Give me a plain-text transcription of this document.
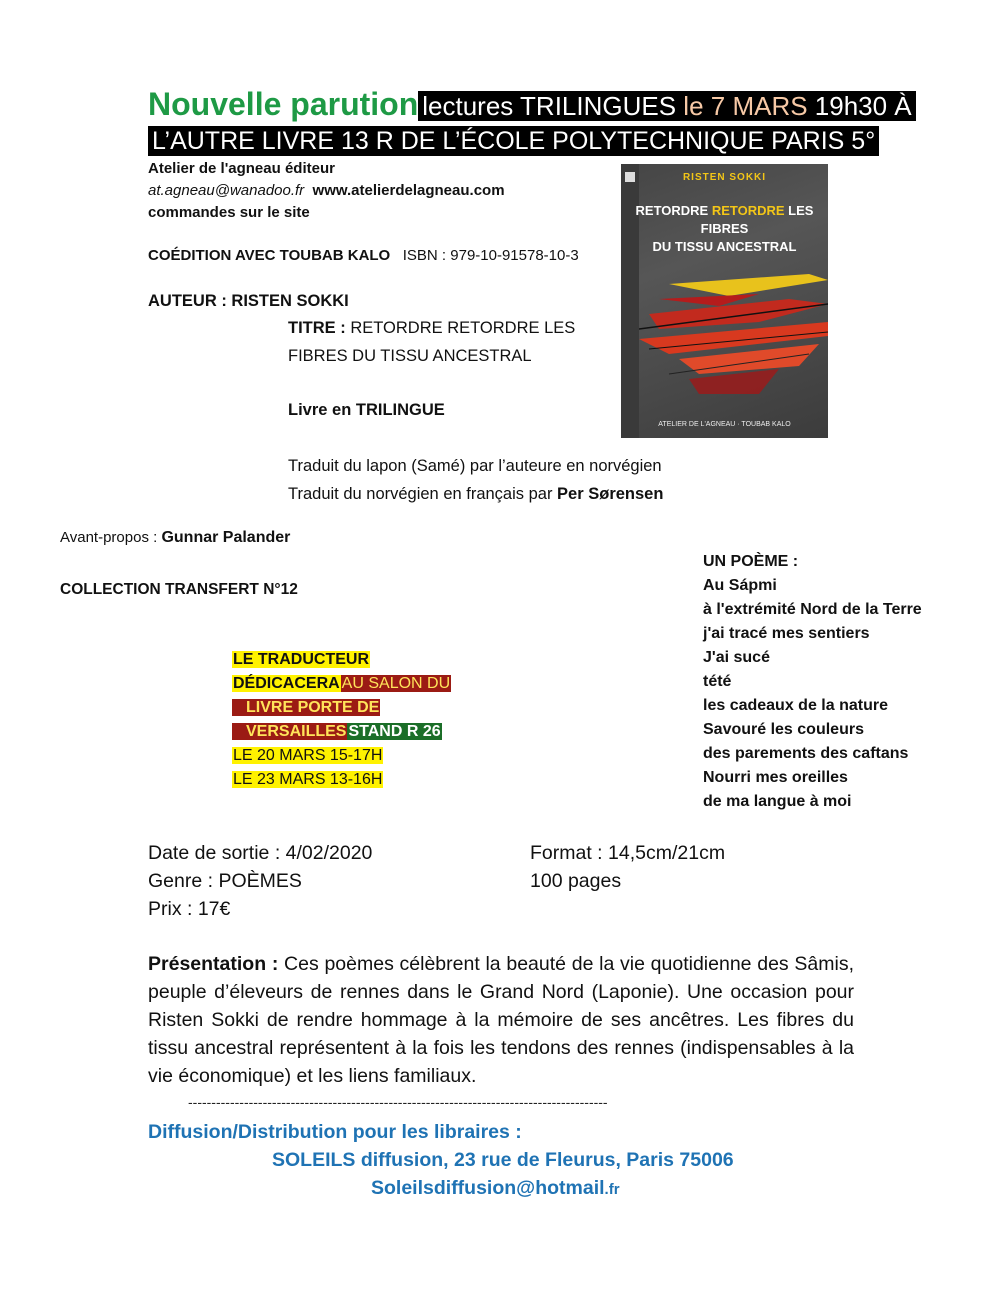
Nouvelle parution lectures TRILINGUES le 7 MARS 19h30 À
L’AUTRE LIVRE 13 R DE L’ÉCOLE POLYTECHNIQUE PARIS 5°
Atelier de l'agneau éditeur
at.agneau@wanadoo.fr www.atelierdelagneau.com
commandes sur le site
COÉDITION AVEC TOUBAB KALO ISBN : 979-10-91578-10-3
AUTEUR : RISTEN SOKKI
TITRE : RETORDRE RETORDRE LES
FIBRES DU TISSU ANCESTRAL
Livre en TRILINGUE
Traduit du lapon (Samé) par l’auteure en norvégien
Traduit du norvégien en français par Per Sørensen
Avant-propos : Gunnar Palander
COLLECTION TRANSFERT N°12
RISTEN SOKKI
RETORDRE RETORDRE LES FIBRES
DU TISSU ANCESTRAL
ATELIER DE L'AGNEAU · TOUBAB KALO
LE TRADUCTEUR
DÉDICACERA AU SALON DU
LIVRE PORTE DE
VERSAILLES STAND R 26
LE 20 MARS 15-17H
LE 23 MARS 13-16H
UN POÈME :
Au Sápmi
à l'extrémité Nord de la Terre
j'ai tracé mes sentiers
J'ai sucé
tété
les cadeaux de la nature
Savouré les couleurs
des parements des caftans
Nourri mes oreilles
de ma langue à moi
Date de sortie : 4/02/2020
Genre : POÈMES
Prix : 17€
Format : 14,5cm/21cm
100 pages
Présentation : Ces poèmes célèbrent la beauté de la vie quotidienne des Sâmis, peuple d’éleveurs de rennes dans le Grand Nord (Laponie). Une occasion pour Risten Sokki de rendre hommage à la mémoire de ses ancêtres. Les fibres du tissu ancestral représentent à la fois les tendons des rennes (indispensables à la vie économique) et les liens familiaux.
------------------------------------------------------------------------------------------
Diffusion/Distribution pour les libraires :
SOLEILS diffusion, 23 rue de Fleurus, Paris 75006
Soleilsdiffusion@hotmail.fr
